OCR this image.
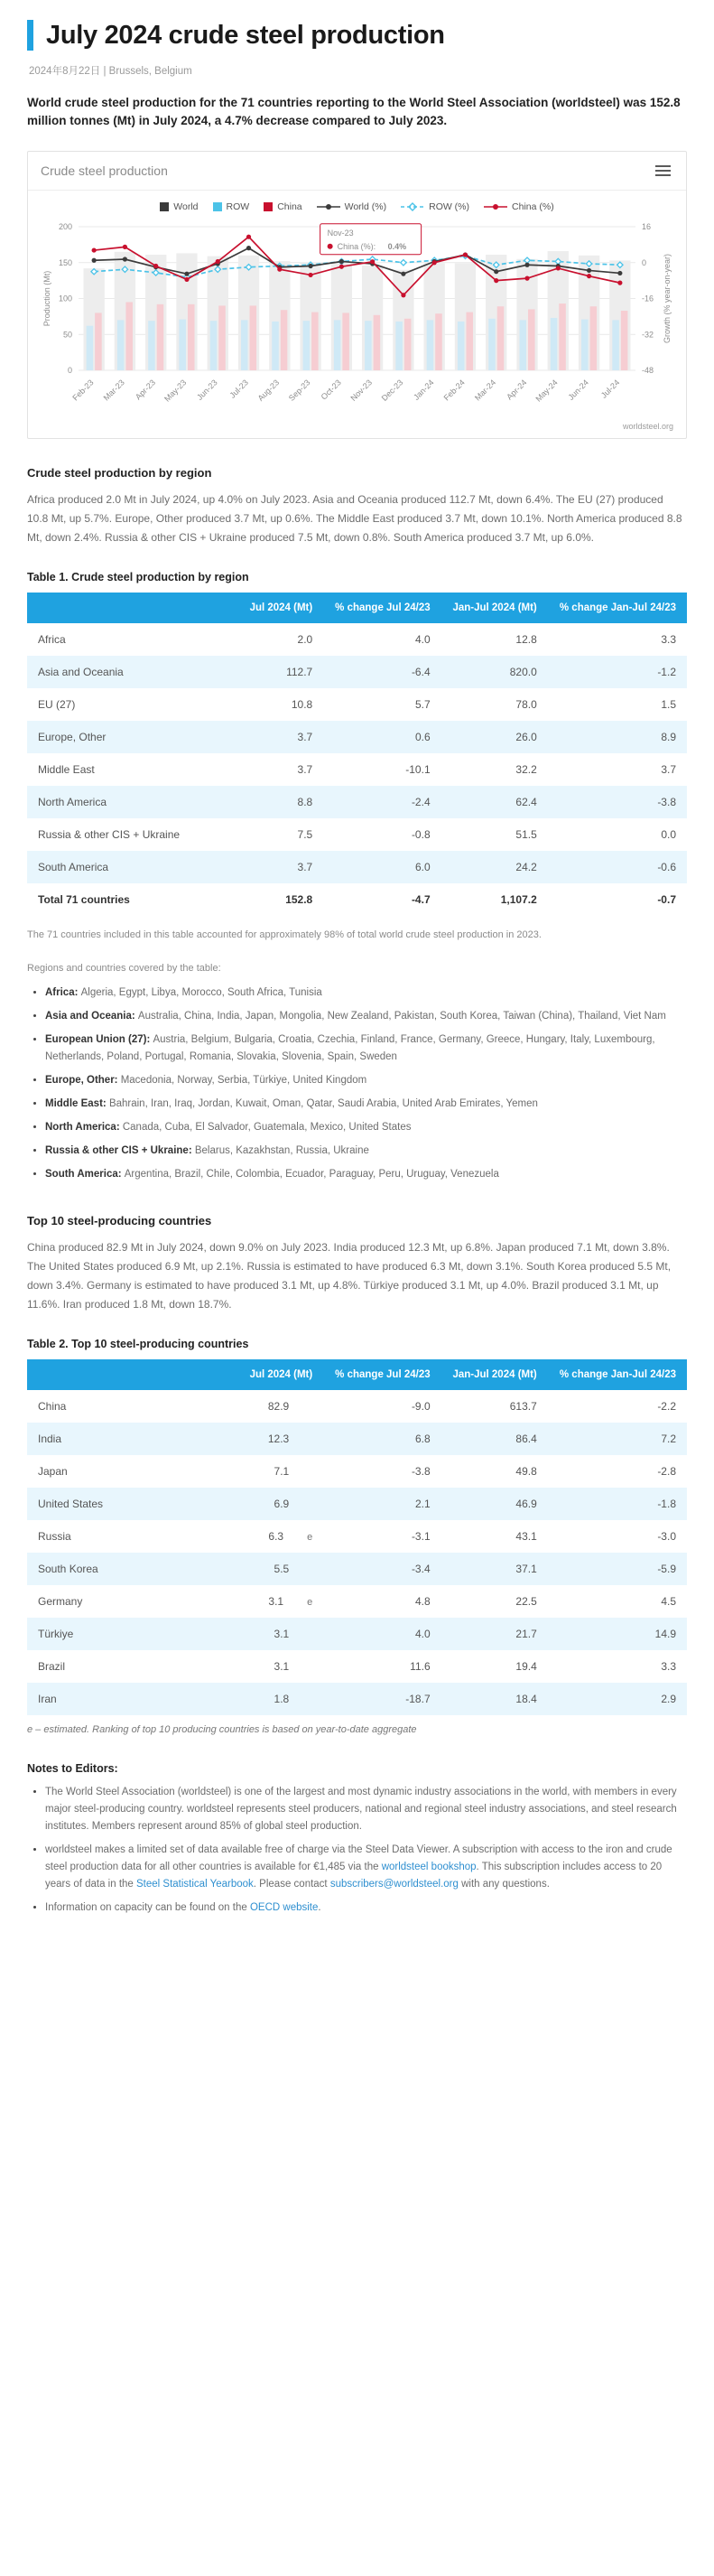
July 2024 crude steel production
2024年8月22日 | Brussels, Belgium
World crude steel production for the 71 countries reporting to the World Steel Association (worldsteel) was 152.8 million tonnes (Mt) in July 2024, a 4.7% decrease compared to July 2023.
Crude steel production
World	ROW	China	World (%)	ROW (%)	China (%)
0
50
100
150
200
-48
-32
-16
0
16
Production (Mt)	Growth (% year-on-year)
Feb-23 Mar-23 Apr-23 May-23 Jun-23 Jul-23 Aug-23 Sep-23 Oct-23 Nov-23 Dec-23 Jan-24 Feb-24 Mar-24 Apr-24 May-24 Jun-24 Jul-24
Nov-23
China (%): 0.4%
worldsteel.org
Crude steel production by region

Africa produced 2.0 Mt in July 2024, up 4.0% on July 2023. Asia and Oceania produced 112.7 Mt, down 6.4%. The EU (27) produced 10.8 Mt, up 5.7%. Europe, Other produced 3.7 Mt, up 0.6%. The Middle East produced 3.7 Mt, down 10.1%. North America produced 8.8 Mt, down 2.4%. Russia & other CIS + Ukraine produced 7.5 Mt, down 0.8%. South America produced 3.7 Mt, up 6.0%.

Table 1. Crude steel production by region
	Jul 2024 (Mt)	% change Jul 24/23	Jan-Jul 2024 (Mt)	% change Jan-Jul 24/23
Africa	2.0	4.0	12.8	3.3
Asia and Oceania	112.7	-6.4	820.0	-1.2
EU (27)	10.8	5.7	78.0	1.5
Europe, Other	3.7	0.6	26.0	8.9
Middle East	3.7	-10.1	32.2	3.7
North America	8.8	-2.4	62.4	-3.8
Russia & other CIS + Ukraine	7.5	-0.8	51.5	0.0
South America	3.7	6.0	24.2	-0.6
Total 71 countries	152.8	-4.7	1,107.2	-0.7

The 71 countries included in this table accounted for approximately 98% of total world crude steel production in 2023.

Regions and countries covered by the table:

• Africa: Algeria, Egypt, Libya, Morocco, South Africa, Tunisia
• Asia and Oceania: Australia, China, India, Japan, Mongolia, New Zealand, Pakistan, South Korea, Taiwan (China), Thailand, Viet Nam
• European Union (27): Austria, Belgium, Bulgaria, Croatia, Czechia, Finland, France, Germany, Greece, Hungary, Italy, Luxembourg, Netherlands, Poland, Portugal, Romania, Slovakia, Slovenia, Spain, Sweden
• Europe, Other: Macedonia, Norway, Serbia, Türkiye, United Kingdom
• Middle East: Bahrain, Iran, Iraq, Jordan, Kuwait, Oman, Qatar, Saudi Arabia, United Arab Emirates, Yemen
• North America: Canada, Cuba, El Salvador, Guatemala, Mexico, United States
• Russia & other CIS + Ukraine: Belarus, Kazakhstan, Russia, Ukraine
• South America: Argentina, Brazil, Chile, Colombia, Ecuador, Paraguay, Peru, Uruguay, Venezuela
Top 10 steel-producing countries

China produced 82.9 Mt in July 2024, down 9.0% on July 2023. India produced 12.3 Mt, up 6.8%. Japan produced 7.1 Mt, down 3.8%. The United States produced 6.9 Mt, up 2.1%. Russia is estimated to have produced 6.3 Mt, down 3.1%. South Korea produced 5.5 Mt, down 3.4%. Germany is estimated to have produced 3.1 Mt, up 4.8%. Türkiye produced 3.1 Mt, up 4.0%. Brazil produced 3.1 Mt, up 11.6%. Iran produced 1.8 Mt, down 18.7%.

Table 2. Top 10 steel-producing countries
	Jul 2024 (Mt)	% change Jul 24/23	Jan-Jul 2024 (Mt)	% change Jan-Jul 24/23
China	82.9	-9.0	613.7	-2.2
India	12.3	6.8	86.4	7.2
Japan	7.1	-3.8	49.8	-2.8
United States	6.9	2.1	46.9	-1.8
Russia	6.3 e	-3.1	43.1	-3.0
South Korea	5.5	-3.4	37.1	-5.9
Germany	3.1 e	4.8	22.5	4.5
Türkiye	3.1	4.0	21.7	14.9
Brazil	3.1	11.6	19.4	3.3
Iran	1.8	-18.7	18.4	2.9

e – estimated. Ranking of top 10 producing countries is based on year-to-date aggregate

Notes to Editors:
• The World Steel Association (worldsteel) is one of the largest and most dynamic industry associations in the world, with members in every major steel-producing country. worldsteel represents steel producers, national and regional steel industry associations, and steel research institutes. Members represent around 85% of global steel production.
• worldsteel makes a limited set of data available free of charge via the Steel Data Viewer. A subscription with access to the iron and crude steel production data for all other countries is available for €1,485 via the worldsteel bookshop. This subscription includes access to 20 years of data in the Steel Statistical Yearbook. Please contact subscribers@worldsteel.org with any questions.
• Information on capacity can be found on the OECD website.
